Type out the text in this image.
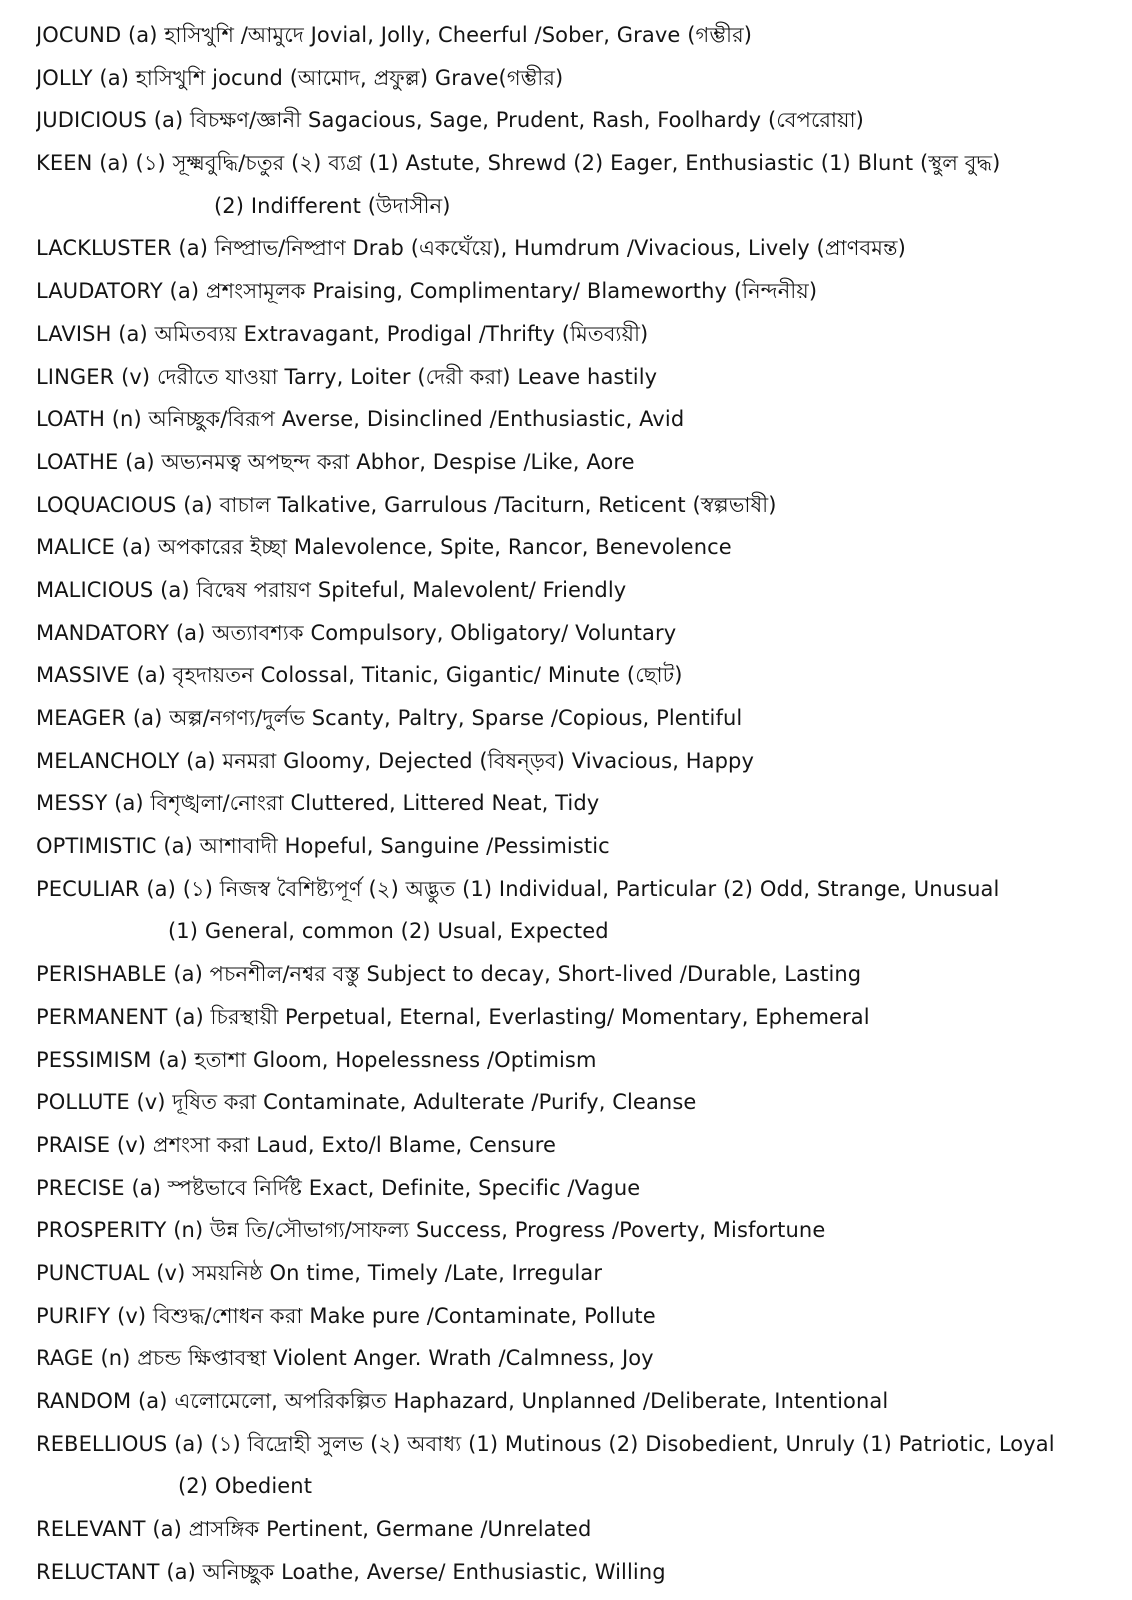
JOCUND (a) হাসিখুশি /আমুদে Jovial, Jolly, Cheerful /Sober, Grave (গম্ভীর)
JOLLY (a) হাসিখুশি jocund (আমোদ, প্রফুল্ল) Grave(গম্ভীর)
JUDICIOUS (a) বিচক্ষণ/জ্ঞানী Sagacious, Sage, Prudent, Rash, Foolhardy (বেপরোয়া)
KEEN (a) (১) সূক্ষ্মবুদ্ধি/চতুর (২) ব্যগ্র (1) Astute, Shrewd (2) Eager, Enthusiastic (1) Blunt (স্থুল বুদ্ধ)
(2) Indifferent (উদাসীন)
LACKLUSTER (a) নিষ্প্রাভ/নিষ্প্রাণ Drab (একঘেঁয়ে), Humdrum /Vivacious, Lively (প্রাণবমন্ত)
LAUDATORY (a) প্রশংসামূলক Praising, Complimentary/ Blameworthy (নিন্দনীয়)
LAVISH (a) অমিতব্যয় Extravagant, Prodigal /Thrifty (মিতব্যয়ী)
LINGER (v) দেরীতে যাওয়া Tarry, Loiter (দেরী করা) Leave hastily
LOATH (n) অনিচ্ছুক/বিরূপ Averse, Disinclined /Enthusiastic, Avid
LOATHE (a) অভ্যনমত্ব অপছন্দ করা Abhor, Despise /Like, Aore
LOQUACIOUS (a) বাচাল Talkative, Garrulous /Taciturn, Reticent (স্বল্পভাষী)
MALICE (a) অপকারের ইচ্ছা Malevolence, Spite, Rancor, Benevolence
MALICIOUS (a) বিদ্বেষ পরায়ণ Spiteful, Malevolent/ Friendly
MANDATORY (a) অত্যাবশ্যক Compulsory, Obligatory/ Voluntary
MASSIVE (a) বৃহদায়তন Colossal, Titanic, Gigantic/ Minute (ছোট)
MEAGER (a) অল্প/নগণ্য/দুর্লভ Scanty, Paltry, Sparse /Copious, Plentiful
MELANCHOLY (a) মনমরা Gloomy, Dejected (বিষন্ড়ব) Vivacious, Happy
MESSY (a) বিশৃঙ্খলা/নোংরা Cluttered, Littered Neat, Tidy
OPTIMISTIC (a) আশাবাদী Hopeful, Sanguine /Pessimistic
PECULIAR (a) (১) নিজস্ব বৈশিষ্ট্যপূর্ণ (২) অদ্ভুত (1) Individual, Particular (2) Odd, Strange, Unusual
(1) General, common (2) Usual, Expected
PERISHABLE (a) পচনশীল/নশ্বর বস্তু Subject to decay, Short-lived /Durable, Lasting
PERMANENT (a) চিরস্থায়ী Perpetual, Eternal, Everlasting/ Momentary, Ephemeral
PESSIMISM (a) হতাশা Gloom, Hopelessness /Optimism
POLLUTE (v) দূষিত করা Contaminate, Adulterate /Purify, Cleanse
PRAISE (v) প্রশংসা করা Laud, Exto/l Blame, Censure
PRECISE (a) স্পষ্টভাবে নির্দিষ্ট Exact, Definite, Specific /Vague
PROSPERITY (n) উন্ন তি/সৌভাগ্য/সাফল্য Success, Progress /Poverty, Misfortune
PUNCTUAL (v) সময়নিষ্ঠ On time, Timely /Late, Irregular
PURIFY (v) বিশুদ্ধ/শোধন করা Make pure /Contaminate, Pollute
RAGE (n) প্রচন্ড ক্ষিপ্তাবস্থা Violent Anger. Wrath /Calmness, Joy
RANDOM (a) এলোমেলো, অপরিকল্পিত Haphazard, Unplanned /Deliberate, Intentional
REBELLIOUS (a) (১) বিদ্রোহী সুলভ (২) অবাধ্য (1) Mutinous (2) Disobedient, Unruly (1) Patriotic, Loyal
(2) Obedient
RELEVANT (a) প্রাসঙ্গিক Pertinent, Germane /Unrelated
RELUCTANT (a) অনিচ্ছুক Loathe, Averse/ Enthusiastic, Willing
